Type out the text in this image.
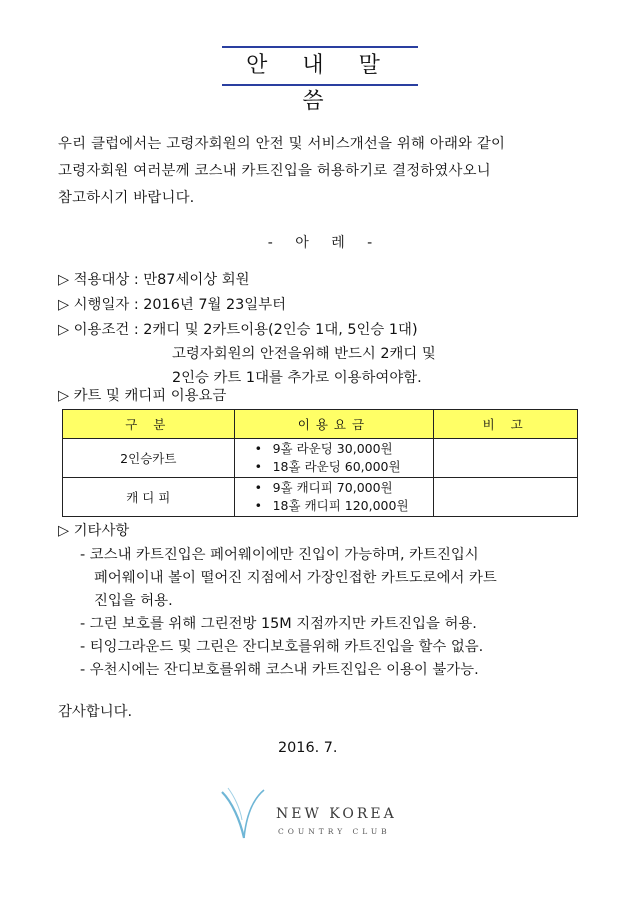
안 내 말 씀
우리 클럽에서는 고령자회원의 안전 및 서비스개선을 위해 아래와 같이
고령자회원 여러분께 코스내 카트진입을 허용하기로 결정하였사오니
참고하시기 바랍니다.
- 아 레 -
▷ 적용대상 : 만87세이상 회원
▷ 시행일자 : 2016년 7월 23일부터
▷ 이용조건 : 2캐디 및 2카트이용(2인승 1대, 5인승 1대)
고령자회원의 안전을위해 반드시 2캐디 및
2인승 카트 1대를 추가로 이용하여야함.
▷ 카트 및 캐디피 이용요금
구 분	이용요금	비 고
2인승카트	• 9홀 라운딩 30,000원
• 18홀 라운딩 60,000원	

캐 디 피	• 9홀 캐디피 70,000원
• 18홀 캐디피 120,000원	

▷ 기타사항
- 코스내 카트진입은 페어웨이에만 진입이 가능하며, 카트진입시
페어웨이내 볼이 떨어진 지점에서 가장인접한 카트도로에서 카트
진입을 허용.
- 그린 보호를 위해 그린전방 15M 지점까지만 카트진입을 허용.
- 티잉그라운드 및 그린은 잔디보호를위해 카트진입을 할수 없음.
- 우천시에는 잔디보호를위해 코스내 카트진입은 이용이 불가능.
감사합니다.
2016. 7.
NEW KOREA
COUNTRY CLUB
